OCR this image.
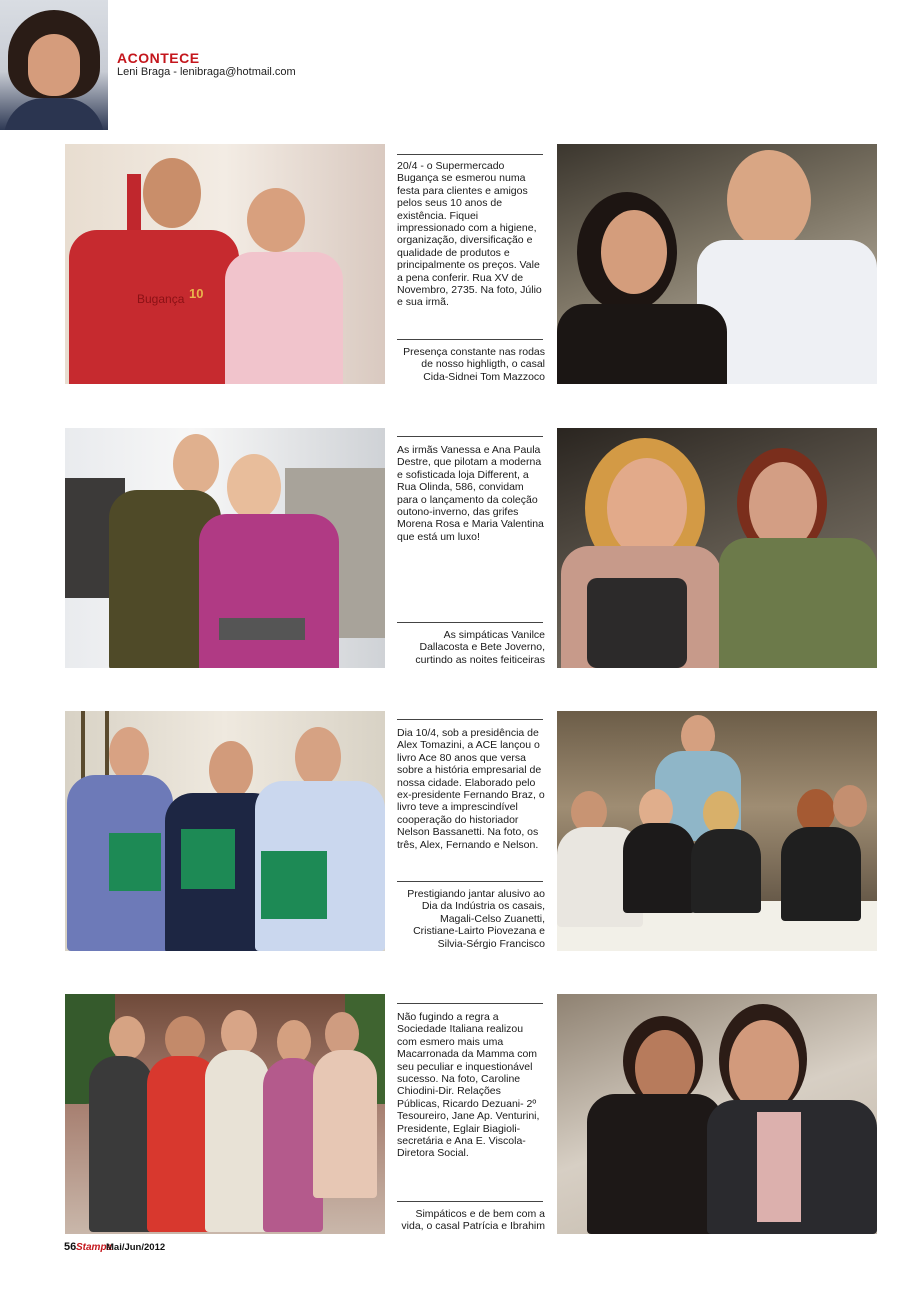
ACONTECE
Leni Braga - lenibraga@hotmail.com
Bugança 10
20/4 - o Supermercado Bugança se esmerou numa festa para clientes e amigos pelos seus 10 anos de existência. Fiquei impressionado com a higiene, organização, diversificação e qualidade de produtos e principalmente os preços. Vale a pena conferir. Rua XV de Novembro, 2735. Na foto, Júlio e sua irmã.
Presença constante nas rodas de nosso highligth, o casal Cida-Sidnei Tom Mazzoco
As irmãs Vanessa e Ana Paula Destre, que pilotam a moderna e sofisticada loja Different, a Rua Olinda, 586, convidam para o lançamento da coleção outono-inverno, das grifes Morena Rosa e Maria Valentina que está um luxo!
As simpáticas Vanilce Dallacosta e Bete Joverno, curtindo as noites feiticeiras
Dia 10/4, sob a presidência de Alex Tomazini, a ACE lançou o livro Ace 80 anos que versa sobre a história empresarial de nossa cidade. Elaborado pelo ex-presidente Fernando Braz, o livro teve a imprescindível cooperação do historiador Nelson Bassanetti. Na foto, os três, Alex, Fernando e Nelson.
Prestigiando jantar alusivo ao Dia da Indústria os casais, Magali-Celso Zuanetti, Cristiane-Lairto Piovezana e Silvia-Sérgio Francisco
Não fugindo a regra a Sociedade Italiana realizou com esmero mais uma Macarronada da Mamma com seu peculiar e inquestionável sucesso. Na foto, Caroline Chiodini-Dir. Relações Públicas, Ricardo Dezuani- 2º Tesoureiro, Jane Ap. Venturini, Presidente, Eglair Biagioli-secretária e Ana E. Viscola-Diretora Social.
Simpáticos e de bem com a vida, o casal Patrícia e Ibrahim
56 Stampa
Mai/Jun/2012
